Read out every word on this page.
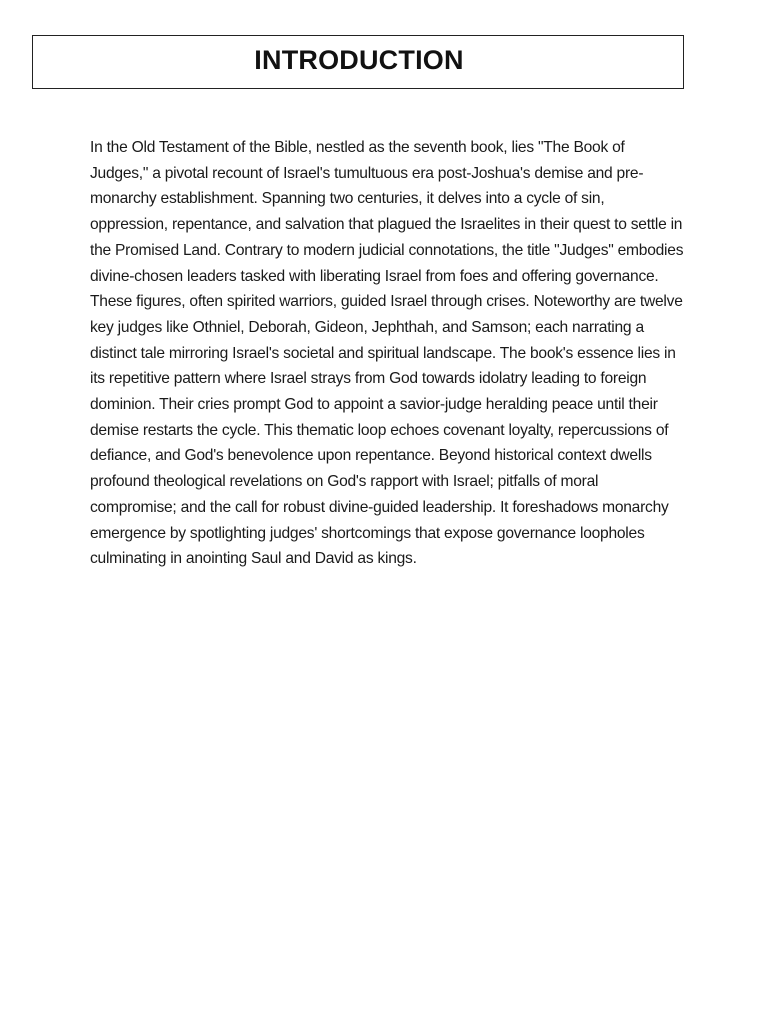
INTRODUCTION

In the Old Testament of the Bible, nestled as the seventh book, lies "The Book of Judges," a pivotal recount of Israel's tumultuous era post-Joshua's demise and pre-monarchy establishment. Spanning two centuries, it delves into a cycle of sin, oppression, repentance, and salvation that plagued the Israelites in their quest to settle in the Promised Land. Contrary to modern judicial connotations, the title "Judges" embodies divine-chosen leaders tasked with liberating Israel from foes and offering governance. These figures, often spirited warriors, guided Israel through crises. Noteworthy are twelve key judges like Othniel, Deborah, Gideon, Jephthah, and Samson; each narrating a distinct tale mirroring Israel's societal and spiritual landscape. The book's essence lies in its repetitive pattern where Israel strays from God towards idolatry leading to foreign dominion. Their cries prompt God to appoint a savior-judge heralding peace until their demise restarts the cycle. This thematic loop echoes covenant loyalty, repercussions of defiance, and God's benevolence upon repentance. Beyond historical context dwells profound theological revelations on God's rapport with Israel; pitfalls of moral compromise; and the call for robust divine-guided leadership. It foreshadows monarchy emergence by spotlighting judges' shortcomings that expose governance loopholes culminating in anointing Saul and David as kings.
